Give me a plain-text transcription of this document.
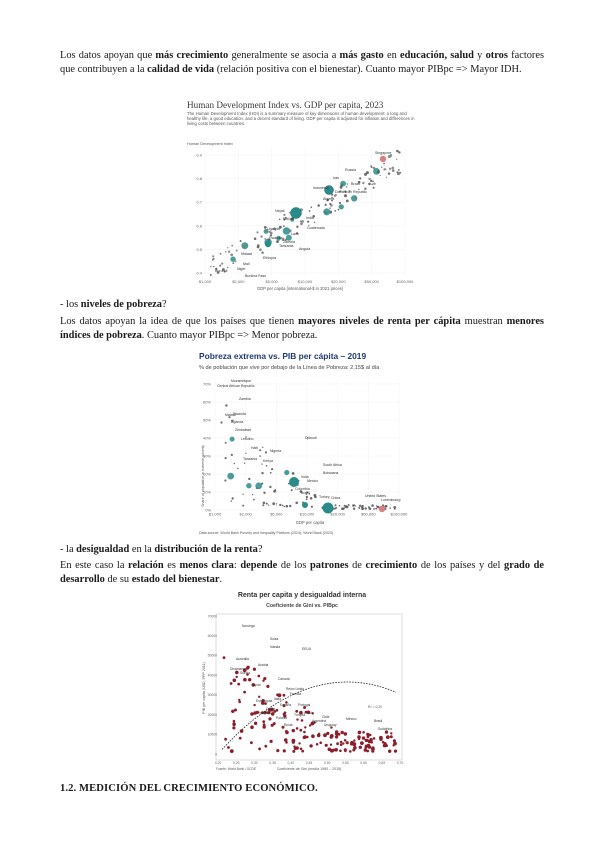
Los datos apoyan que más crecimiento generalmente se asocia a más gasto en educación, salud y otros factores que contribuyen a la calidad de vida (relación positiva con el bienestar). Cuanto mayor PIBpc => Mayor IDH.

Human Development Index vs. GDP per capita, 2023
The Human Development Index (HDI) is a summary measure of key dimensions of human development: a long and healthy life, a good education, and a decent standard of living. GDP per capita is adjusted for inflation and differences in living costs between countries.
Human Development Index
0.9
0.8
0.7
0.6
0.5
0.4
$1,000	$2,000	$5,000	$10,000	$20,000	$50,000	$100,000
Singapore
Russia
Iran
Brazil
Indonesia
Dominican Republic
Algeria
Nepal
Bolivia	India
Guatemala
Uganda
Laos
Zambia
Rwanda
Tanzania
Angola
Malawi
Ethiopia
Niger
Burundi
Mali
Burkina Faso
GDP per capita (international-$ in 2021 prices)

- los niveles de pobreza?

Los datos apoyan la idea de que los países que tienen mayores niveles de renta per cápita muestran menores índices de pobreza. Cuanto mayor PIBpc => Menor pobreza.

Pobreza extrema vs. PIB per cápita – 2019
% de población que vive por debajo de la Línea de Pobreza: 2,15$ al día
Share of population in extreme poverty
70%
60%
50%
40%
30%
20%
10%
0%
$1,000	$2,000	$5,000	$10,000	$20,000	$50,000	$100,000
Mozambique
Central African Republic
Zambia
Rwanda
Malawi
Uganda
Zimbabwe
Lesotho
Nigeria
Djibouti
Haiti
Tanzania Kenya
South Africa
Botswana
India
Mexico
Colombia
Brazil
Turkey China	United States
Luxembourg
GDP per capita
Data source: World Bank Poverty and Inequality Platform (2024); World Bank (2023)

- la desigualdad en la distribución de la renta?

En este caso la relación es menos clara: depende de los patrones de crecimiento de los países y del grado de desarrollo de su estado del bienestar.

Renta per capita y desigualdad interna
Coeficiente de Gini vs. PIBpc
PIB per capita (USD, PPP 2011)
70000
60000
50000
40000
30000
20000
10000
0
0,20	0,25	0,30	0,35	0,40	0,45	0,50	0,55	0,60	0,65	0,70
Noruega
Suiza
EEUU
Irlanda
Australia
Austria
Dinamarca
Suecia
Canadá
Japón
Reino Unido
Francia
Italia
España
Corea
Portugal
Grecia
Chile
Argentina
Polonia	México	Brasil
Sudáfrica
Turquía
Uruguay
Hungría
Eslovaquia
Rusia
R² = 0,20
Fuente: World Bank / OCDE	Coeficiente de Gini (media 1980 – 2015)

1.2. MEDICIÓN DEL CRECIMIENTO ECONÓMICO.
